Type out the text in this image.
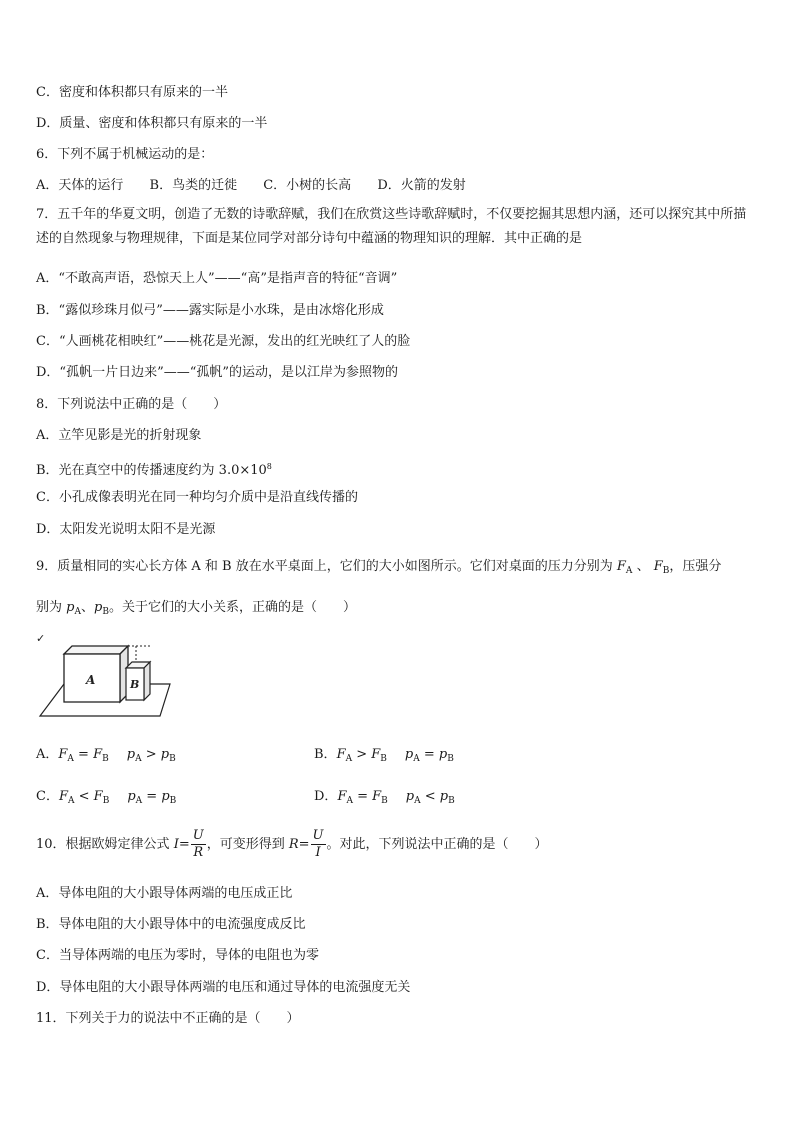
C．密度和体积都只有原来的一半
D．质量、密度和体积都只有原来的一半
6．下列不属于机械运动的是：
A．天体的运行 B．鸟类的迁徙 C．小树的长高 D．火箭的发射
7．五千年的华夏文明，创造了无数的诗歌辞赋，我们在欣赏这些诗歌辞赋时，不仅要挖掘其思想内涵，还可以探究其中所描述的自然现象与物理规律，下面是某位同学对部分诗句中蕴涵的物理知识的理解．其中正确的是
A．“不敢高声语，恐惊天上人”——“高”是指声音的特征“音调”
B．“露似珍珠月似弓”——露实际是小水珠，是由冰熔化形成
C．“人画桃花相映红”——桃花是光源，发出的红光映红了人的脸
D．“孤帆一片日边来”——“孤帆”的运动，是以江岸为参照物的
8．下列说法中正确的是（　　）
A．立竿见影是光的折射现象
B．光在真空中的传播速度约为 $3.0\times 10^8$
C．小孔成像表明光在同一种均匀介质中是沿直线传播的
D．太阳发光说明太阳不是光源
9．质量相同的实心长方体 A 和 B 放在水平桌面上，它们的大小如图所示。它们对桌面的压力分别为 $F_A$ 、 $F_B$，压强分
别为 $p_A$、$p_B$。关于它们的大小关系，正确的是（　　）
✓
A	B
A．$F_A = F_B$ $p_A > p_B$	B．$F_A > F_B$ $p_A = p_B$
C．$F_A < F_B$ $p_A = p_B$	D．$F_A = F_B$ $p_A < p_B$
10．根据欧姆定律公式 $I= \frac{U}{R}$ ，可变形得到 $R= \frac{U}{I}$ 。对此，下列说法中正确的是（　　）
A．导体电阻的大小跟导体两端的电压成正比
B．导体电阻的大小跟导体中的电流强度成反比
C．当导体两端的电压为零时，导体的电阻也为零
D．导体电阻的大小跟导体两端的电压和通过导体的电流强度无关
11．下列关于力的说法中不正确的是（　　）
